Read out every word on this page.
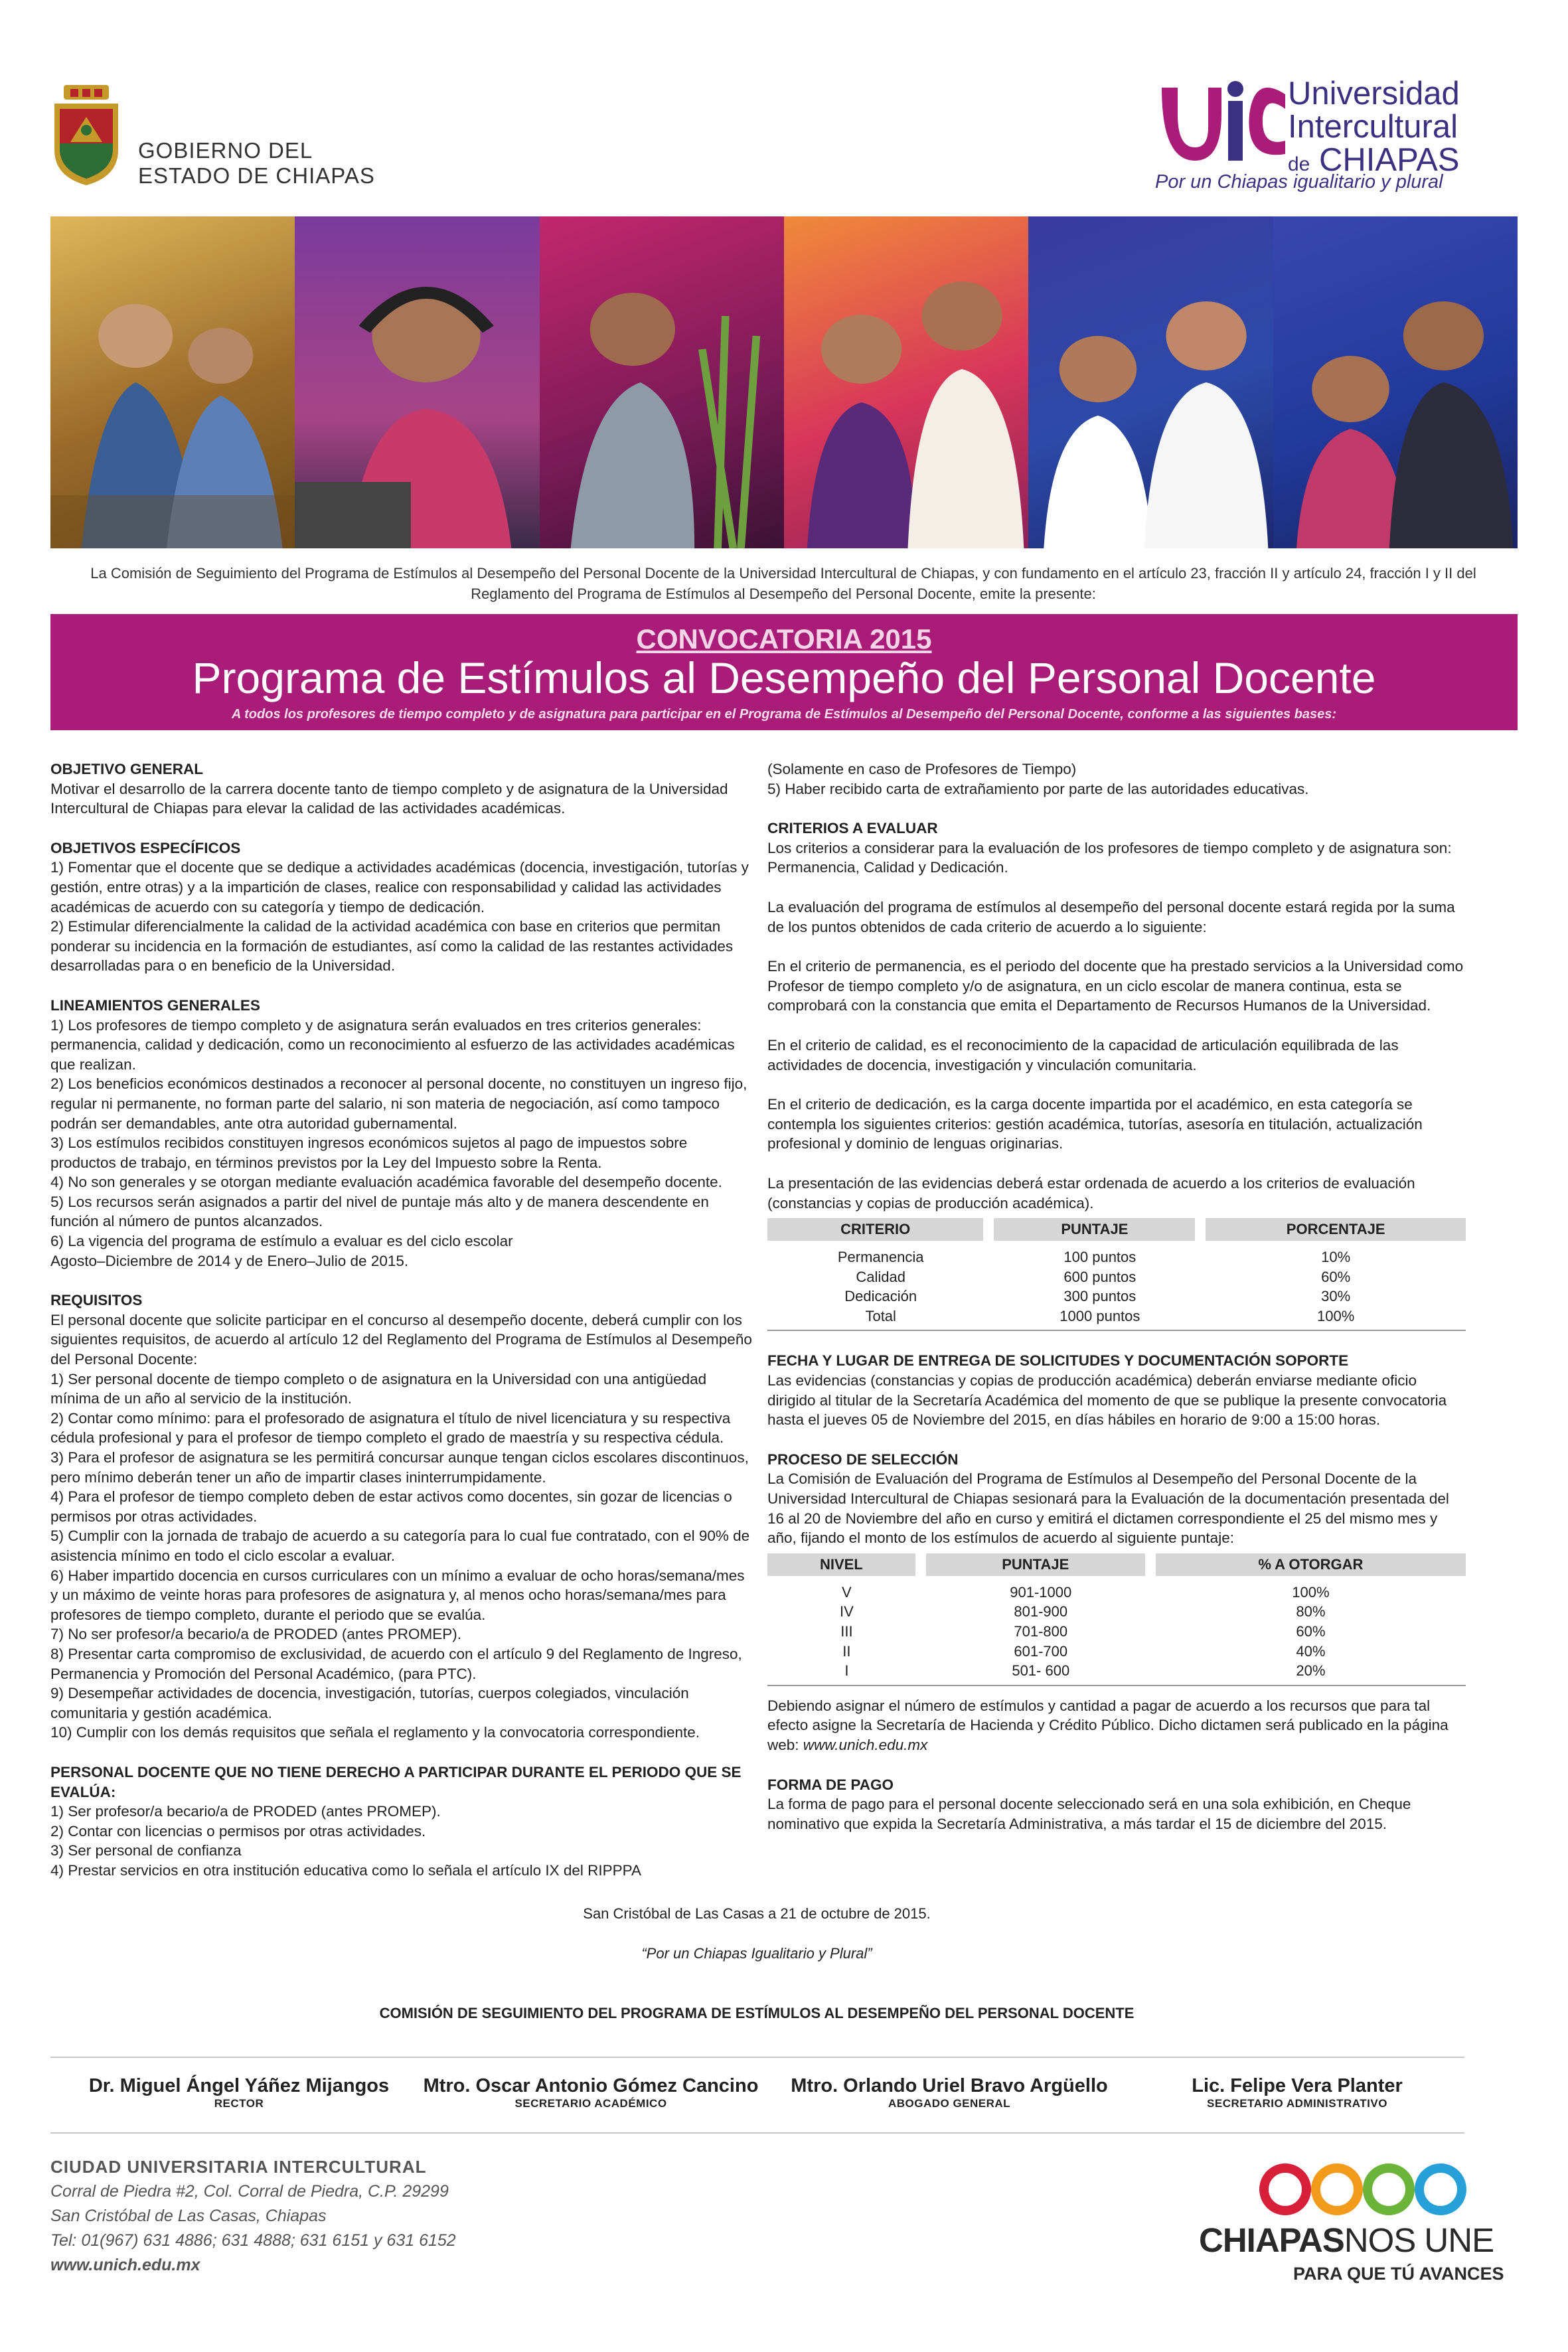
GOBIERNO DEL
ESTADO DE CHIAPAS
Universidad
Intercultural
de CHIAPAS
Por un Chiapas igualitario y plural
La Comisión de Seguimiento del Programa de Estímulos al Desempeño del Personal Docente de la Universidad Intercultural de Chiapas, y con fundamento en el artículo 23, fracción II y artículo 24, fracción I y II del Reglamento del Programa de Estímulos al Desempeño del Personal Docente, emite la presente:
CONVOCATORIA 2015
Programa de Estímulos al Desempeño del Personal Docente
A todos los profesores de tiempo completo y de asignatura para participar en el Programa de Estímulos al Desempeño del Personal Docente, conforme a las siguientes bases:

OBJETIVO GENERAL

Motivar el desarrollo de la carrera docente tanto de tiempo completo y de asignatura de la Universidad Intercultural de Chiapas para elevar la calidad de las actividades académicas.

OBJETIVOS ESPECÍFICOS

1) Fomentar que el docente que se dedique a actividades académicas (docencia, investigación, tutorías y gestión, entre otras) y a la impartición de clases, realice con responsabilidad y calidad las actividades académicas de acuerdo con su categoría y tiempo de dedicación.

2) Estimular diferencialmente la calidad de la actividad académica con base en criterios que permitan ponderar su incidencia en la formación de estudiantes, así como la calidad de las restantes actividades desarrolladas para o en beneficio de la Universidad.

LINEAMIENTOS GENERALES

1) Los profesores de tiempo completo y de asignatura serán evaluados en tres criterios generales: permanencia, calidad y dedicación, como un reconocimiento al esfuerzo de las actividades académicas que realizan.

2) Los beneficios económicos destinados a reconocer al personal docente, no constituyen un ingreso fijo, regular ni permanente, no forman parte del salario, ni son materia de negociación, así como tampoco podrán ser demandables, ante otra autoridad gubernamental.

3) Los estímulos recibidos constituyen ingresos económicos sujetos al pago de impuestos sobre productos de trabajo, en términos previstos por la Ley del Impuesto sobre la Renta.

4) No son generales y se otorgan mediante evaluación académica favorable del desempeño docente.

5) Los recursos serán asignados a partir del nivel de puntaje más alto y de manera descendente en función al número de puntos alcanzados.

6) La vigencia del programa de estímulo a evaluar es del ciclo escolar

Agosto–Diciembre de 2014 y de Enero–Julio de 2015.

REQUISITOS

El personal docente que solicite participar en el concurso al desempeño docente, deberá cumplir con los siguientes requisitos, de acuerdo al artículo 12 del Reglamento del Programa de Estímulos al Desempeño del Personal Docente:

1) Ser personal docente de tiempo completo o de asignatura en la Universidad con una antigüedad mínima de un año al servicio de la institución.

2) Contar como mínimo: para el profesorado de asignatura el título de nivel licenciatura y su respectiva cédula profesional y para el profesor de tiempo completo el grado de maestría y su respectiva cédula.

3) Para el profesor de asignatura se les permitirá concursar aunque tengan ciclos escolares discontinuos, pero mínimo deberán tener un año de impartir clases ininterrumpidamente.

4) Para el profesor de tiempo completo deben de estar activos como docentes, sin gozar de licencias o permisos por otras actividades.

5) Cumplir con la jornada de trabajo de acuerdo a su categoría para lo cual fue contratado, con el 90% de asistencia mínimo en todo el ciclo escolar a evaluar.

6) Haber impartido docencia en cursos curriculares con un mínimo a evaluar de ocho horas/semana/mes y un máximo de veinte horas para profesores de asignatura y, al menos ocho horas/semana/mes para profesores de tiempo completo, durante el periodo que se evalúa.

7) No ser profesor/a becario/a de PRODED (antes PROMEP).

8) Presentar carta compromiso de exclusividad, de acuerdo con el artículo 9 del Reglamento de Ingreso, Permanencia y Promoción del Personal Académico, (para PTC).

9) Desempeñar actividades de docencia, investigación, tutorías, cuerpos colegiados, vinculación comunitaria y gestión académica.

10) Cumplir con los demás requisitos que señala el reglamento y la convocatoria correspondiente.

PERSONAL DOCENTE QUE NO TIENE DERECHO A PARTICIPAR DURANTE EL PERIODO QUE SE EVALÚA:

1) Ser profesor/a becario/a de PRODED (antes PROMEP).

2) Contar con licencias o permisos por otras actividades.

3) Ser personal de confianza

4) Prestar servicios en otra institución educativa como lo señala el artículo IX del RIPPPA

(Solamente en caso de Profesores de Tiempo)

5) Haber recibido carta de extrañamiento por parte de las autoridades educativas.

CRITERIOS A EVALUAR

Los criterios a considerar para la evaluación de los profesores de tiempo completo y de asignatura son: Permanencia, Calidad y Dedicación.

La evaluación del programa de estímulos al desempeño del personal docente estará regida por la suma de los puntos obtenidos de cada criterio de acuerdo a lo siguiente:

En el criterio de permanencia, es el periodo del docente que ha prestado servicios a la Universidad como Profesor de tiempo completo y/o de asignatura, en un ciclo escolar de manera continua, esta se comprobará con la constancia que emita el Departamento de Recursos Humanos de la Universidad.

En el criterio de calidad, es el reconocimiento de la capacidad de articulación equilibrada de las actividades de docencia, investigación y vinculación comunitaria.

En el criterio de dedicación, es la carga docente impartida por el académico, en esta categoría se contempla los siguientes criterios: gestión académica, tutorías, asesoría en titulación, actualización profesional y dominio de lenguas originarias.

La presentación de las evidencias deberá estar ordenada de acuerdo a los criterios de evaluación (constancias y copias de producción académica).

CRITERIO	PUNTAJE	PORCENTAJE
Permanencia	100 puntos	10%
Calidad	600 puntos	60%
Dedicación	300 puntos	30%
Total	1000 puntos	100%

FECHA Y LUGAR DE ENTREGA DE SOLICITUDES Y DOCUMENTACIÓN SOPORTE

Las evidencias (constancias y copias de producción académica) deberán enviarse mediante oficio dirigido al titular de la Secretaría Académica del momento de que se publique la presente convocatoria hasta el jueves 05 de Noviembre del 2015, en días hábiles en horario de 9:00 a 15:00 horas.

PROCESO DE SELECCIÓN

La Comisión de Evaluación del Programa de Estímulos al Desempeño del Personal Docente de la Universidad Intercultural de Chiapas sesionará para la Evaluación de la documentación presentada del 16 al 20 de Noviembre del año en curso y emitirá el dictamen correspondiente el 25 del mismo mes y año, fijando el monto de los estímulos de acuerdo al siguiente puntaje:

NIVEL	PUNTAJE	% A OTORGAR
V	901-1000	100%
IV	801-900	80%
III	701-800	60%
II	601-700	40%
I	501- 600	20%

Debiendo asignar el número de estímulos y cantidad a pagar de acuerdo a los recursos que para tal efecto asigne la Secretaría de Hacienda y Crédito Público. Dicho dictamen será publicado en la página web: www.unich.edu.mx

FORMA DE PAGO

La forma de pago para el personal docente seleccionado será en una sola exhibición, en Cheque nominativo que expida la Secretaría Administrativa, a más tardar el 15 de diciembre del 2015.

San Cristóbal de Las Casas a 21 de octubre de 2015.
“Por un Chiapas Igualitario y Plural”
COMISIÓN DE SEGUIMIENTO DEL PROGRAMA DE ESTÍMULOS AL DESEMPEÑO DEL PERSONAL DOCENTE
Dr. Miguel Ángel Yáñez Mijangos
RECTOR
Mtro. Oscar Antonio Gómez Cancino
SECRETARIO ACADÉMICO
Mtro. Orlando Uriel Bravo Argüello
ABOGADO GENERAL
Lic. Felipe Vera Planter
SECRETARIO ADMINISTRATIVO
CIUDAD UNIVERSITARIA INTERCULTURAL
Corral de Piedra #2, Col. Corral de Piedra, C.P. 29299
San Cristóbal de Las Casas, Chiapas
Tel: 01(967) 631 4886; 631 4888; 631 6151 y 631 6152
www.unich.edu.mx
CHIAPASNOS UNE
PARA QUE TÚ AVANCES
